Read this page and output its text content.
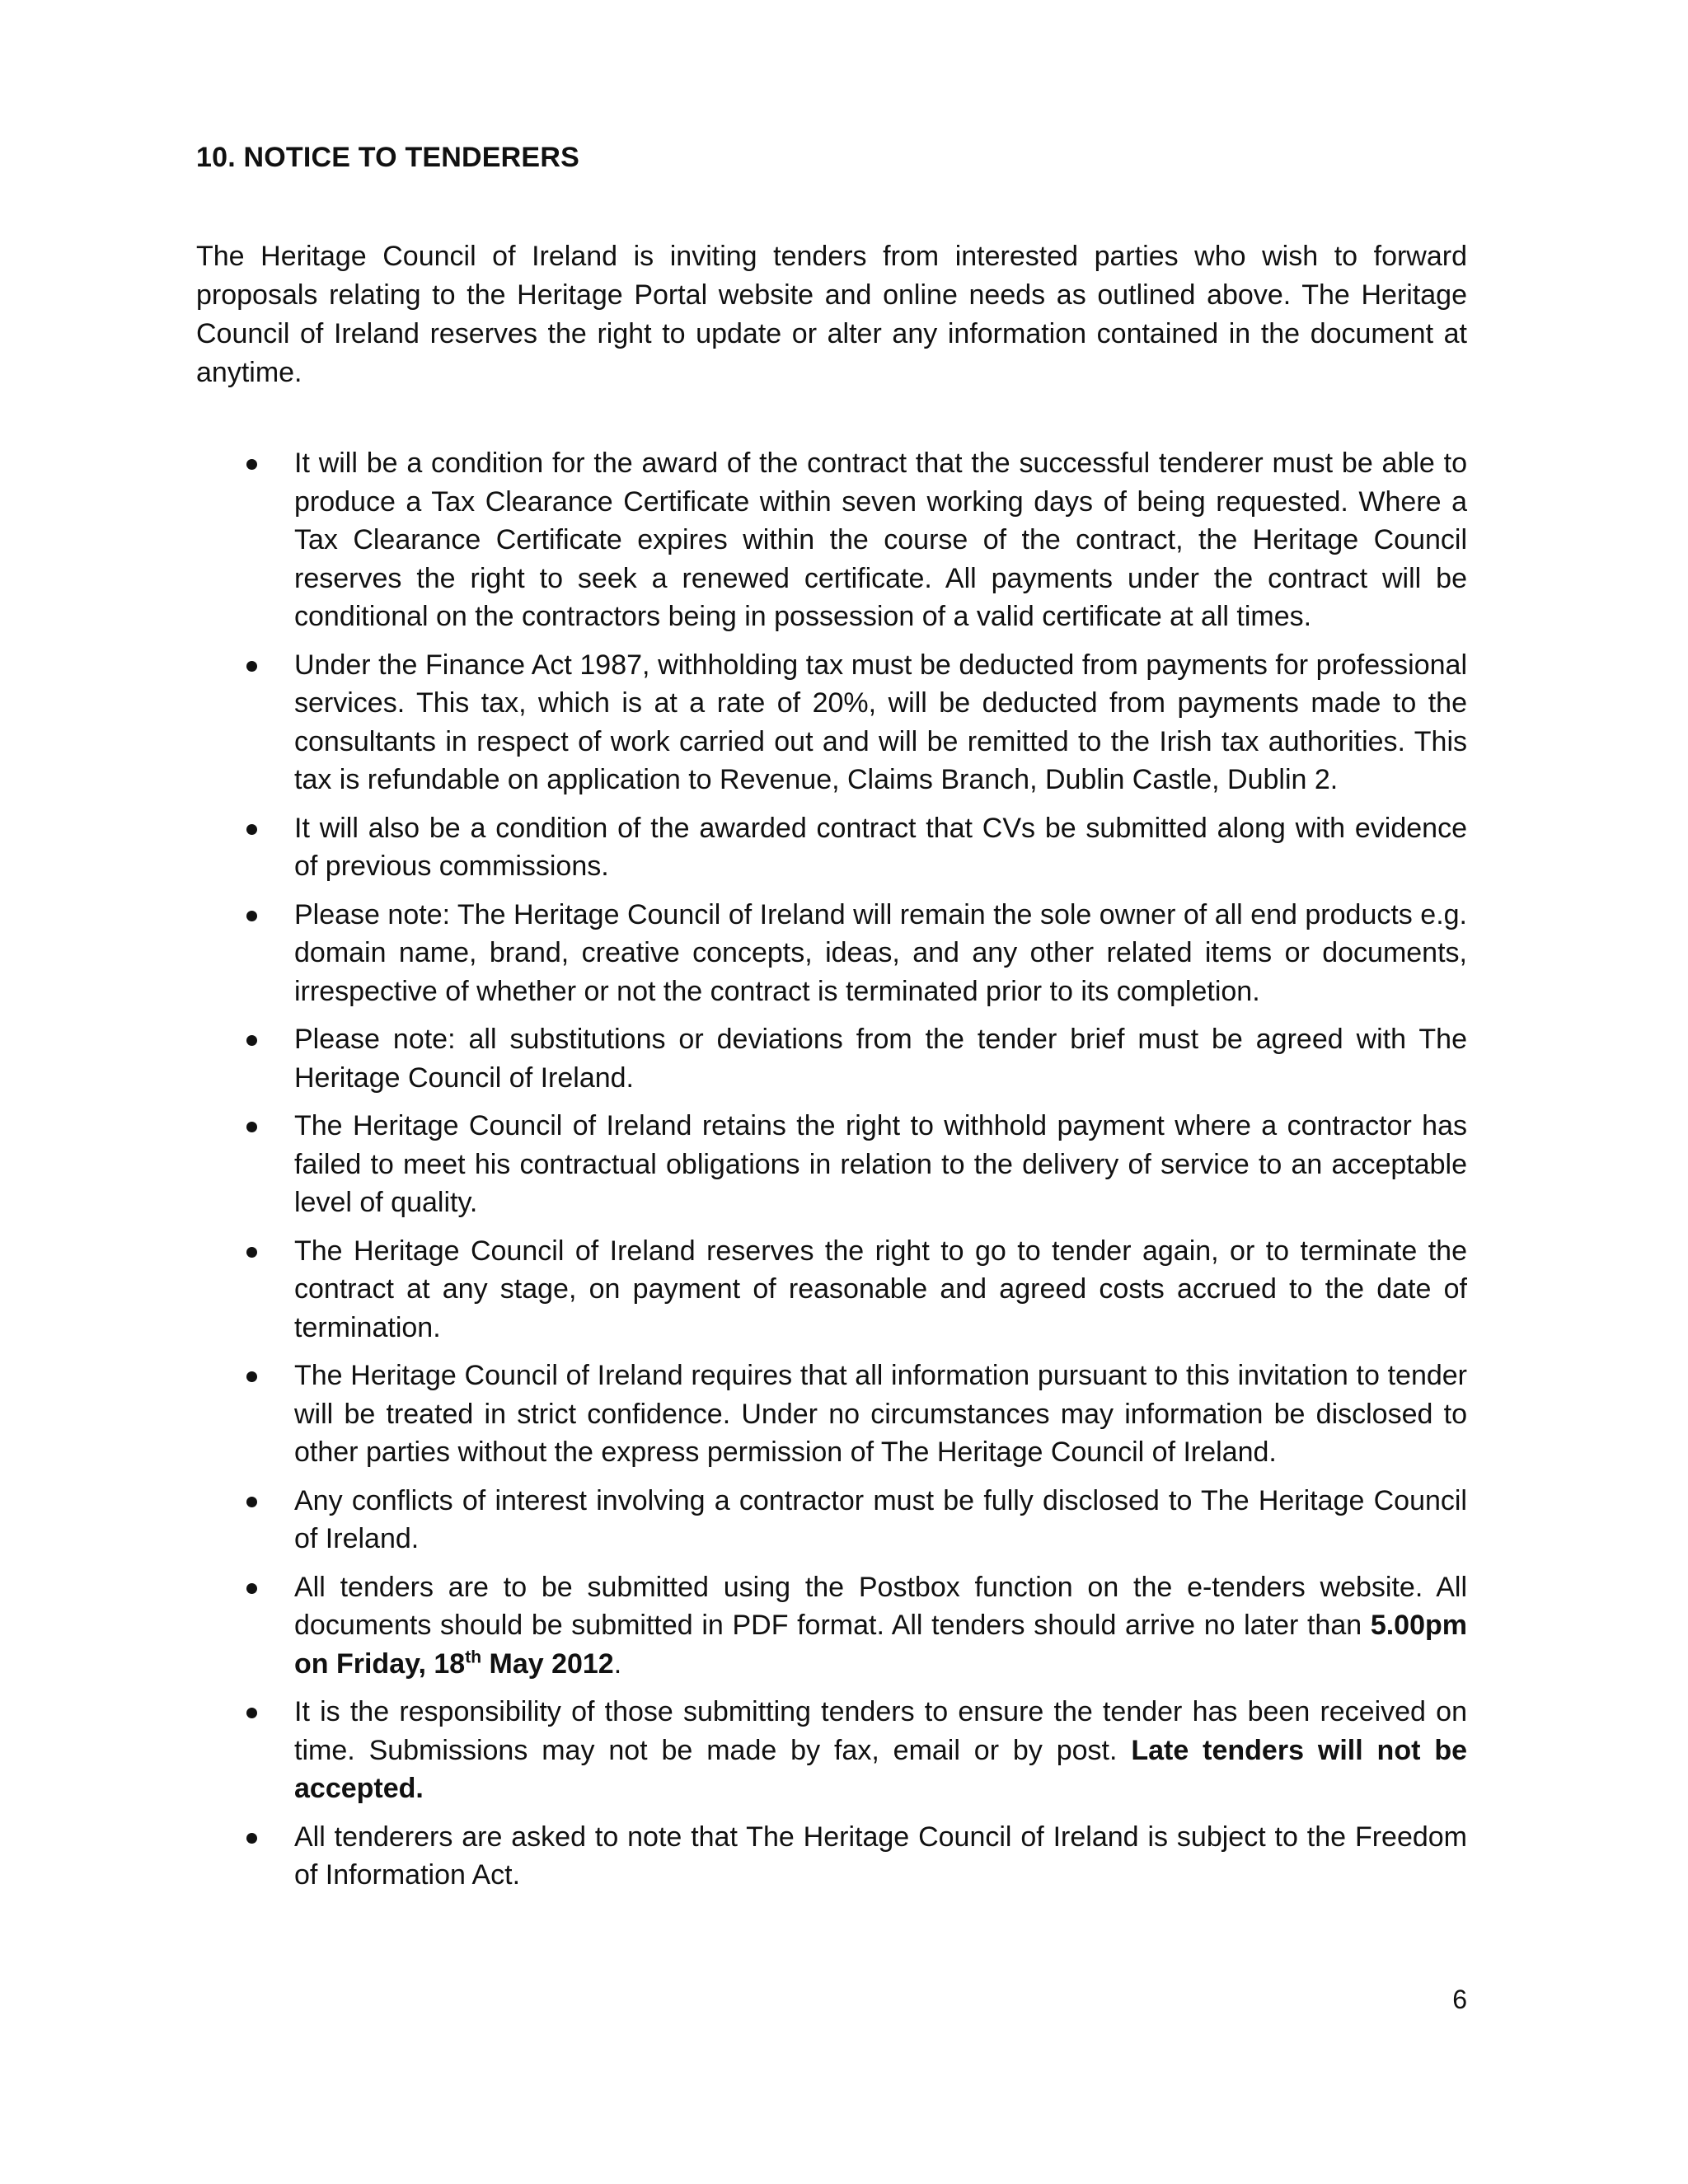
10. NOTICE TO TENDERERS
The Heritage Council of Ireland is inviting tenders from interested parties who wish to forward proposals relating to the Heritage Portal website and online needs as outlined above. The Heritage Council of Ireland reserves the right to update or alter any information contained in the document at anytime.
It will be a condition for the award of the contract that the successful tenderer must be able to produce a Tax Clearance Certificate within seven working days of being requested. Where a Tax Clearance Certificate expires within the course of the contract, the Heritage Council reserves the right to seek a renewed certificate. All payments under the contract will be conditional on the contractors being in possession of a valid certificate at all times.
Under the Finance Act 1987, withholding tax must be deducted from payments for professional services. This tax, which is at a rate of 20%, will be deducted from payments made to the consultants in respect of work carried out and will be remitted to the Irish tax authorities. This tax is refundable on application to Revenue, Claims Branch, Dublin Castle, Dublin 2.
It will also be a condition of the awarded contract that CVs be submitted along with evidence of previous commissions.
Please note: The Heritage Council of Ireland will remain the sole owner of all end products e.g. domain name, brand, creative concepts, ideas, and any other related items or documents, irrespective of whether or not the contract is terminated prior to its completion.
Please note: all substitutions or deviations from the tender brief must be agreed with The Heritage Council of Ireland.
The Heritage Council of Ireland retains the right to withhold payment where a contractor has failed to meet his contractual obligations in relation to the delivery of service to an acceptable level of quality.
The Heritage Council of Ireland reserves the right to go to tender again, or to terminate the contract at any stage, on payment of reasonable and agreed costs accrued to the date of termination.
The Heritage Council of Ireland requires that all information pursuant to this invitation to tender will be treated in strict confidence. Under no circumstances may information be disclosed to other parties without the express permission of The Heritage Council of Ireland.
Any conflicts of interest involving a contractor must be fully disclosed to The Heritage Council of Ireland.
All tenders are to be submitted using the Postbox function on the e-tenders website. All documents should be submitted in PDF format. All tenders should arrive no later than 5.00pm on Friday, 18th May 2012.
It is the responsibility of those submitting tenders to ensure the tender has been received on time. Submissions may not be made by fax, email or by post. Late tenders will not be accepted.
All tenderers are asked to note that The Heritage Council of Ireland is subject to the Freedom of Information Act.
6
